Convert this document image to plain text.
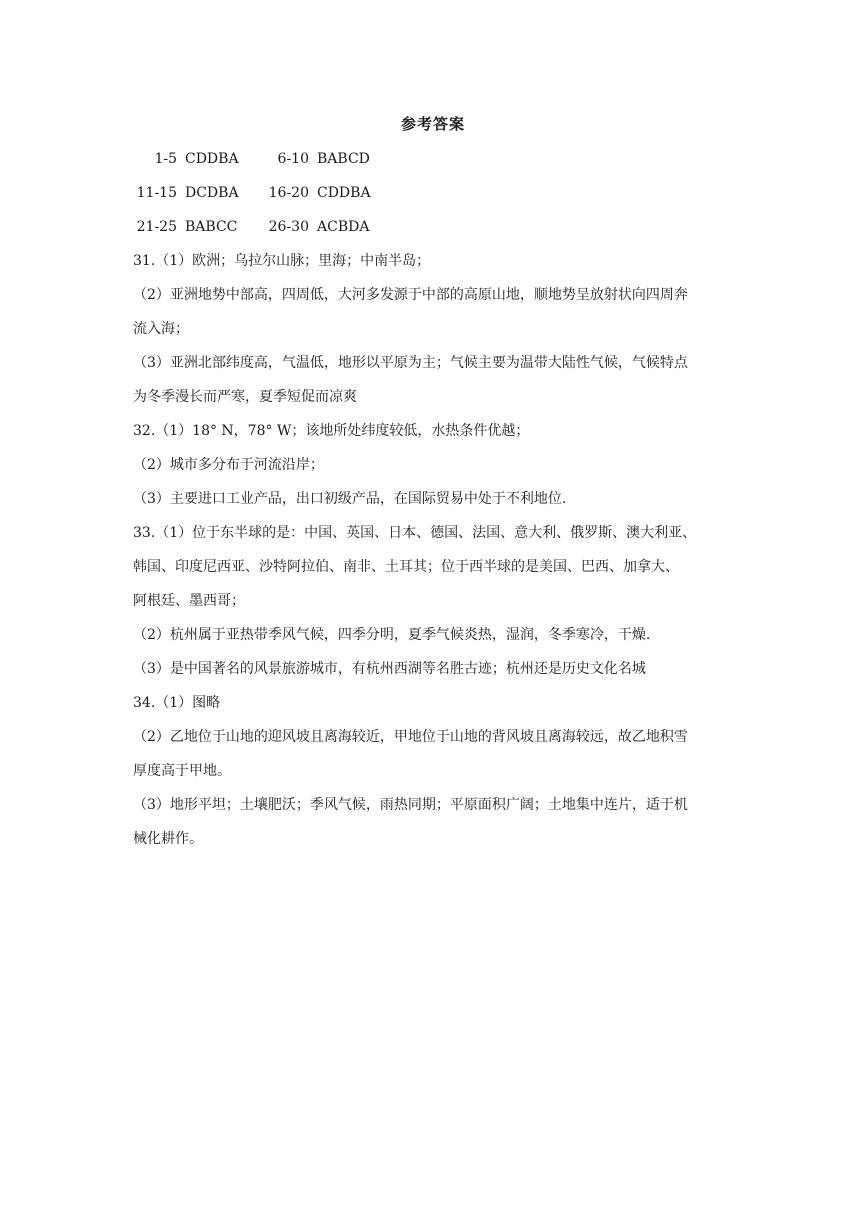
参考答案
1-5 CDDBA	6-10 BABCD
11-15 DCDBA	16-20 CDDBA
21-25 BABCC	26-30 ACBDA
31.（1）欧洲；乌拉尔山脉；里海；中南半岛；
（2）亚洲地势中部高，四周低，大河多发源于中部的高原山地，顺地势呈放射状向四周奔
流入海；
（3）亚洲北部纬度高，气温低，地形以平原为主；气候主要为温带大陆性气候，气候特点
为冬季漫长而严寒，夏季短促而凉爽
32.（1）18° N，78° W；该地所处纬度较低，水热条件优越；
（2）城市多分布于河流沿岸；
（3）主要进口工业产品，出口初级产品，在国际贸易中处于不利地位.
33.（1）位于东半球的是：中国、英国、日本、德国、法国、意大利、俄罗斯、澳大利亚、
韩国、印度尼西亚、沙特阿拉伯、南非、土耳其；位于西半球的是美国、巴西、加拿大、
阿根廷、墨西哥；
（2）杭州属于亚热带季风气候，四季分明，夏季气候炎热，湿润，冬季寒冷，干燥.
（3）是中国著名的风景旅游城市，有杭州西湖等名胜古迹；杭州还是历史文化名城
34.（1）图略
（2）乙地位于山地的迎风坡且离海较近，甲地位于山地的背风坡且离海较远，故乙地积雪
厚度高于甲地。
（3）地形平坦；土壤肥沃；季风气候，雨热同期；平原面积广阔；土地集中连片，适于机
械化耕作。
